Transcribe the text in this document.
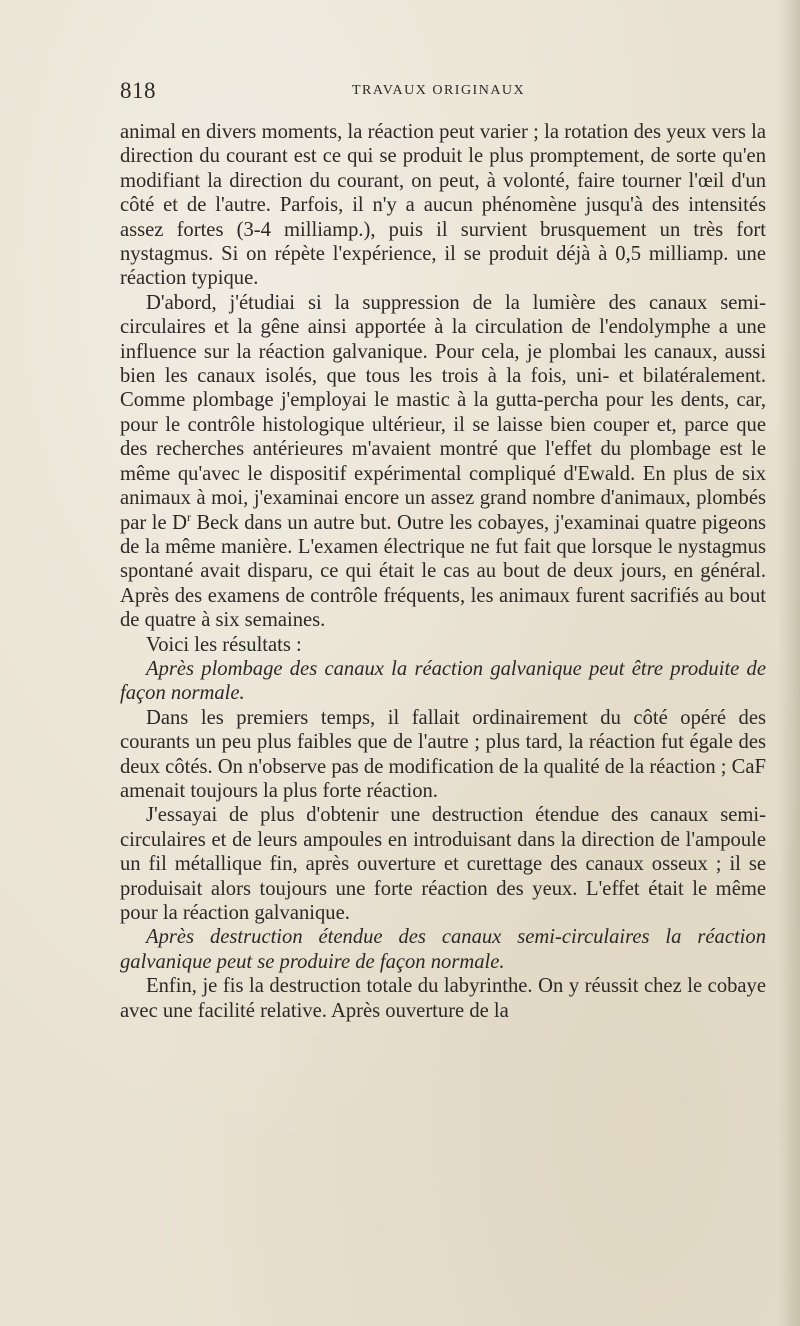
818	TRAVAUX ORIGINAUX

animal en divers moments, la réaction peut varier ; la rotation des yeux vers la direction du courant est ce qui se produit le plus promptement, de sorte qu'en modifiant la direction du courant, on peut, à volonté, faire tourner l'œil d'un côté et de l'autre. Parfois, il n'y a aucun phénomène jusqu'à des intensités assez fortes (3-4 milliamp.), puis il survient brusquement un très fort nystagmus. Si on répète l'expérience, il se produit déjà à 0,5 milliamp. une réaction typique.

D'abord, j'étudiai si la suppression de la lumière des canaux semi-circulaires et la gêne ainsi apportée à la circulation de l'endolymphe a une influence sur la réaction galvanique. Pour cela, je plombai les canaux, aussi bien les canaux isolés, que tous les trois à la fois, uni- et bilatéralement. Comme plombage j'employai le mastic à la gutta-percha pour les dents, car, pour le contrôle histologique ultérieur, il se laisse bien couper et, parce que des recherches antérieures m'avaient montré que l'effet du plombage est le même qu'avec le dispositif expérimental compliqué d'Ewald. En plus de six animaux à moi, j'examinai encore un assez grand nombre d'animaux, plombés par le $D^r$ Beck dans un autre but. Outre les cobayes, j'examinai quatre pigeons de la même manière. L'examen électrique ne fut fait que lorsque le nystagmus spontané avait disparu, ce qui était le cas au bout de deux jours, en général. Après des examens de contrôle fréquents, les animaux furent sacrifiés au bout de quatre à six semaines.

Voici les résultats :

Après plombage des canaux la réaction galvanique peut être produite de façon normale.

Dans les premiers temps, il fallait ordinairement du côté opéré des courants un peu plus faibles que de l'autre ; plus tard, la réaction fut égale des deux côtés. On n'observe pas de modification de la qualité de la réaction ; CaF amenait toujours la plus forte réaction.

J'essayai de plus d'obtenir une destruction étendue des canaux semi-circulaires et de leurs ampoules en introduisant dans la direction de l'ampoule un fil métallique fin, après ouverture et curettage des canaux osseux ; il se produisait alors toujours une forte réaction des yeux. L'effet était le même pour la réaction galvanique.

Après destruction étendue des canaux semi-circulaires la réaction galvanique peut se produire de façon normale.

Enfin, je fis la destruction totale du labyrinthe. On y réussit chez le cobaye avec une facilité relative. Après ouverture de la
